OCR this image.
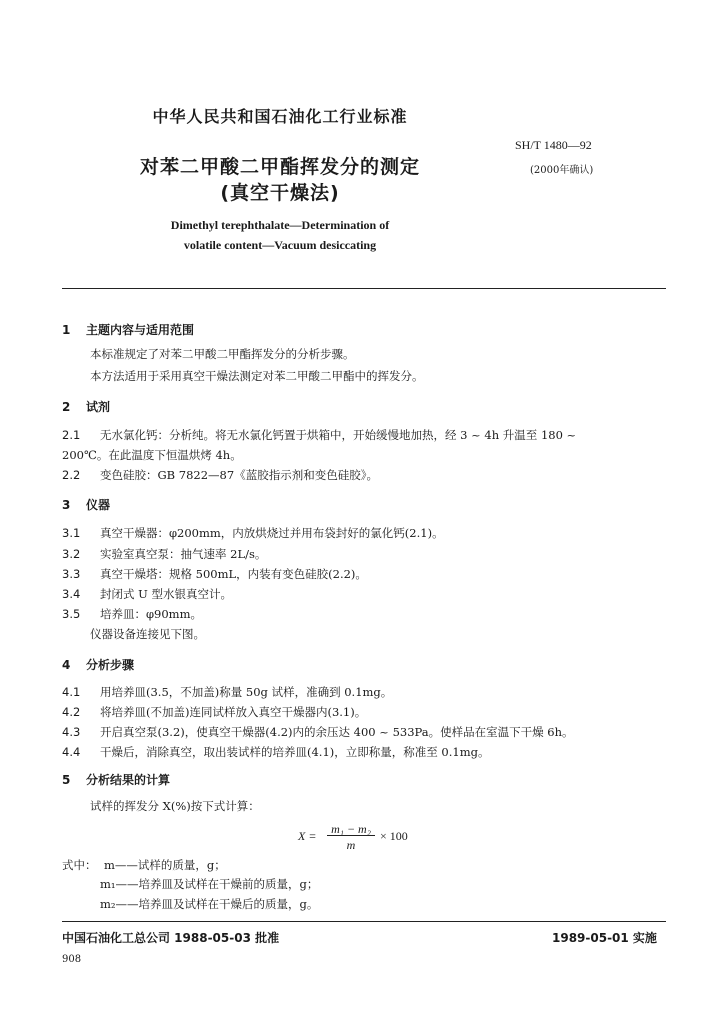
中华人民共和国石油化工行业标准
SH/T 1480—92
(2000年确认)
对苯二甲酸二甲酯挥发分的测定
(真空干燥法)
Dimethyl terephthalate—Determination of
volatile content—Vacuum desiccating
1 主题内容与适用范围
本标准规定了对苯二甲酸二甲酯挥发分的分析步骤。
本方法适用于采用真空干燥法测定对苯二甲酸二甲酯中的挥发分。
2 试剂
2.1 无水氯化钙：分析纯。将无水氯化钙置于烘箱中，开始缓慢地加热，经 3 ~ 4h 升温至 180 ~
200℃。在此温度下恒温烘烤 4h。
2.2 变色硅胶：GB 7822—87《蓝胶指示剂和变色硅胶》。
3 仪器
3.1 真空干燥器：φ200mm，内放烘烧过并用布袋封好的氯化钙(2.1)。
3.2 实验室真空泵：抽气速率 2L/s。
3.3 真空干燥塔：规格 500mL，内装有变色硅胶(2.2)。
3.4 封闭式 U 型水银真空计。
3.5 培养皿：φ90mm。
仪器设备连接见下图。
4 分析步骤
4.1 用培养皿(3.5，不加盖)称量 50g 试样，准确到 0.1mg。
4.2 将培养皿(不加盖)连同试样放入真空干燥器内(3.1)。
4.3 开启真空泵(3.2)，使真空干燥器(4.2)内的余压达 400 ~ 533Pa。使样品在室温下干燥 6h。
4.4 干燥后，消除真空，取出装试样的培养皿(4.1)，立即称量，称准至 0.1mg。
5 分析结果的计算
试样的挥发分 X(%)按下式计算：
X =	m₁ − m₂
m
× 100
式中： m——试样的质量，g；
m₁——培养皿及试样在干燥前的质量，g；
m₂——培养皿及试样在干燥后的质量，g。
中国石油化工总公司 1988-05-03 批准	1989-05-01 实施
908
